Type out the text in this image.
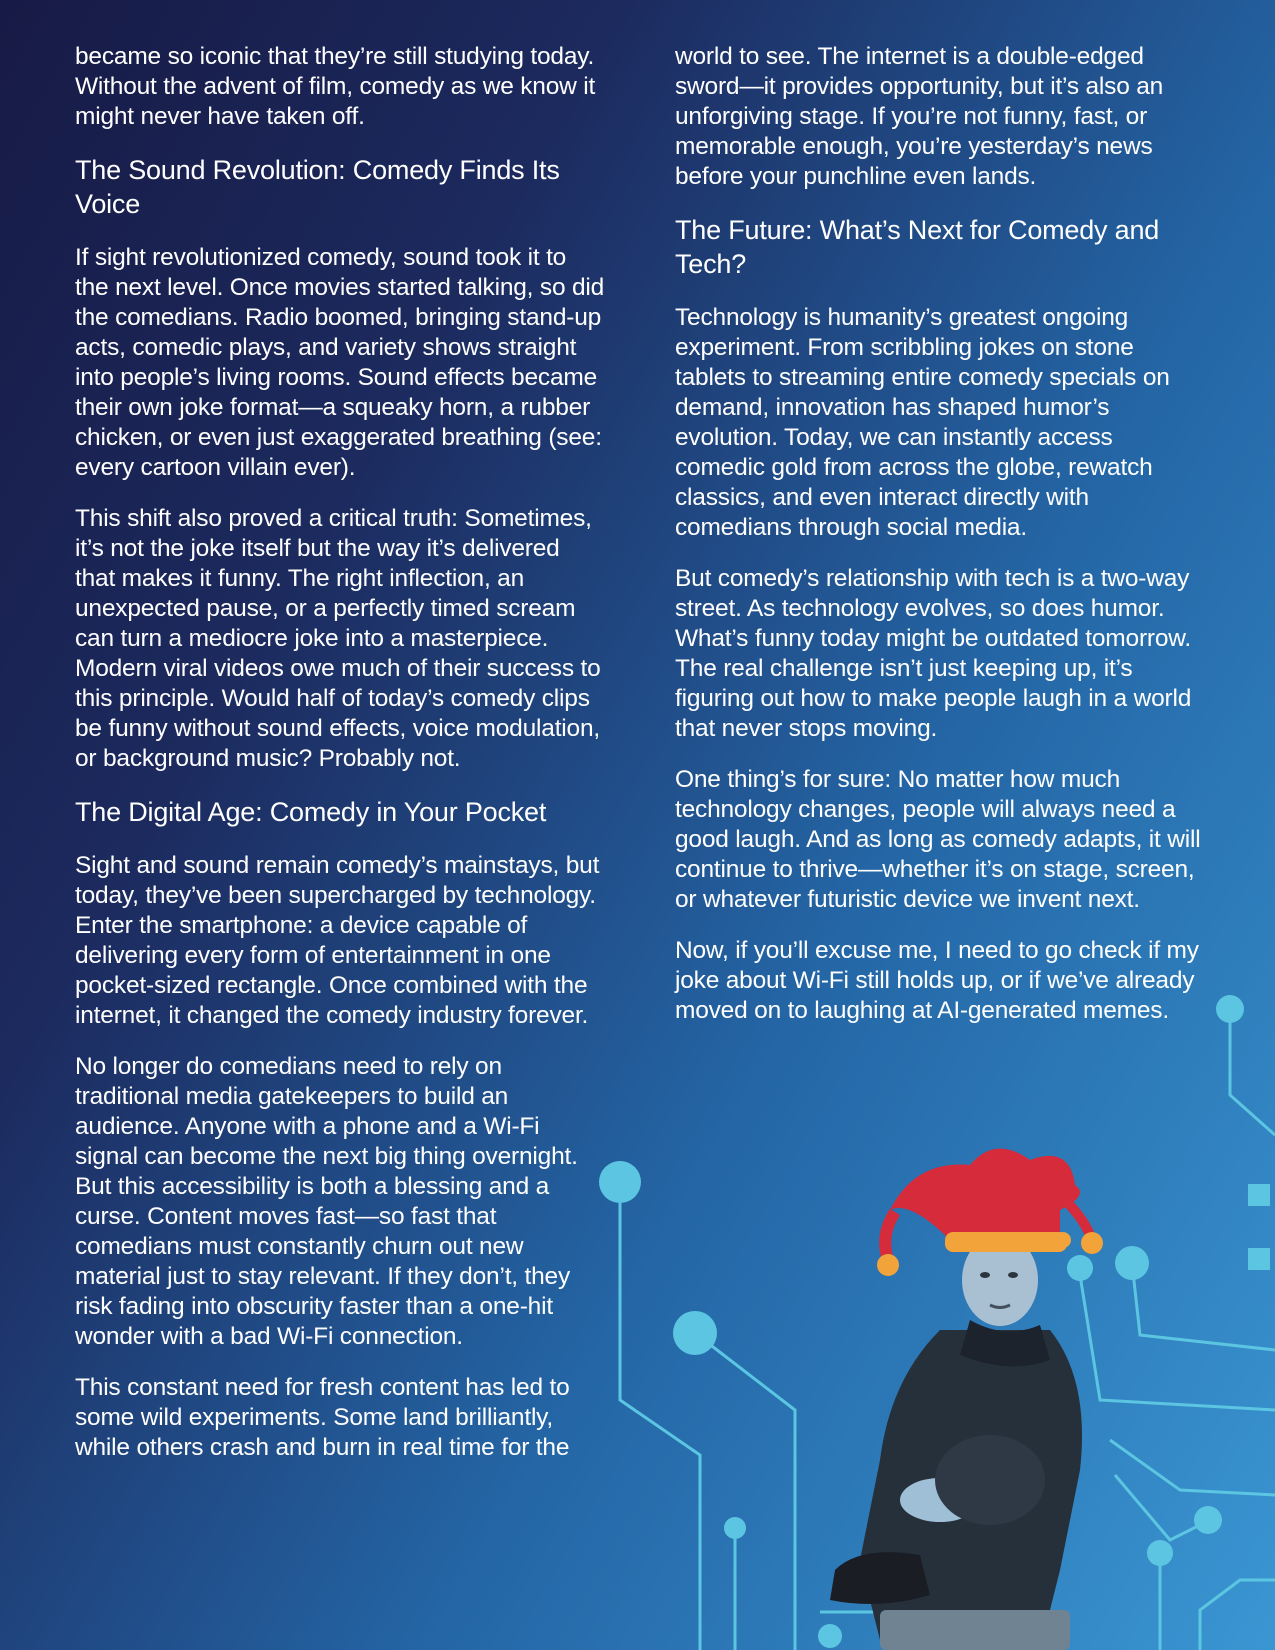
became so iconic that they’re still studying today. Without the advent of film, comedy as we know it might never have taken off.

The Sound Revolution: Comedy Finds Its Voice

If sight revolutionized comedy, sound took it to the next level. Once movies started talking, so did the comedians. Radio boomed, bringing stand-up acts, comedic plays, and variety shows straight into people’s living rooms. Sound effects became their own joke format—a squeaky horn, a rubber chicken, or even just exaggerated breathing (see: every cartoon villain ever).

This shift also proved a critical truth: Sometimes, it’s not the joke itself but the way it’s delivered that makes it funny. The right inflection, an unexpected pause, or a perfectly timed scream can turn a mediocre joke into a masterpiece. Modern viral videos owe much of their success to this principle. Would half of today’s comedy clips be funny without sound effects, voice modulation, or background music? Probably not.

The Digital Age: Comedy in Your Pocket

Sight and sound remain comedy’s mainstays, but today, they’ve been supercharged by technology. Enter the smartphone: a device capable of delivering every form of entertainment in one pocket-sized rectangle. Once combined with the internet, it changed the comedy industry forever.

No longer do comedians need to rely on traditional media gatekeepers to build an audience. Anyone with a phone and a Wi-Fi signal can become the next big thing overnight. But this accessibility is both a blessing and a curse. Content moves fast—so fast that comedians must constantly churn out new material just to stay relevant. If they don’t, they risk fading into obscurity faster than a one-hit wonder with a bad Wi-Fi connection.

This constant need for fresh content has led to some wild experiments. Some land brilliantly, while others crash and burn in real time for the

world to see. The internet is a double-edged sword—it provides opportunity, but it’s also an unforgiving stage. If you’re not funny, fast, or memorable enough, you’re yesterday’s news before your punchline even lands.

The Future: What’s Next for Comedy and Tech?

Technology is humanity’s greatest ongoing experiment. From scribbling jokes on stone tablets to streaming entire comedy specials on demand, innovation has shaped humor’s evolution. Today, we can instantly access comedic gold from across the globe, rewatch classics, and even interact directly with comedians through social media.

But comedy’s relationship with tech is a two-way street. As technology evolves, so does humor. What’s funny today might be outdated tomorrow. The real challenge isn’t just keeping up, it’s figuring out how to make people laugh in a world that never stops moving.

One thing’s for sure: No matter how much technology changes, people will always need a good laugh. And as long as comedy adapts, it will continue to thrive—whether it’s on stage, screen, or whatever futuristic device we invent next.

Now, if you’ll excuse me, I need to go check if my joke about Wi-Fi still holds up, or if we’ve already moved on to laughing at AI-generated memes.
